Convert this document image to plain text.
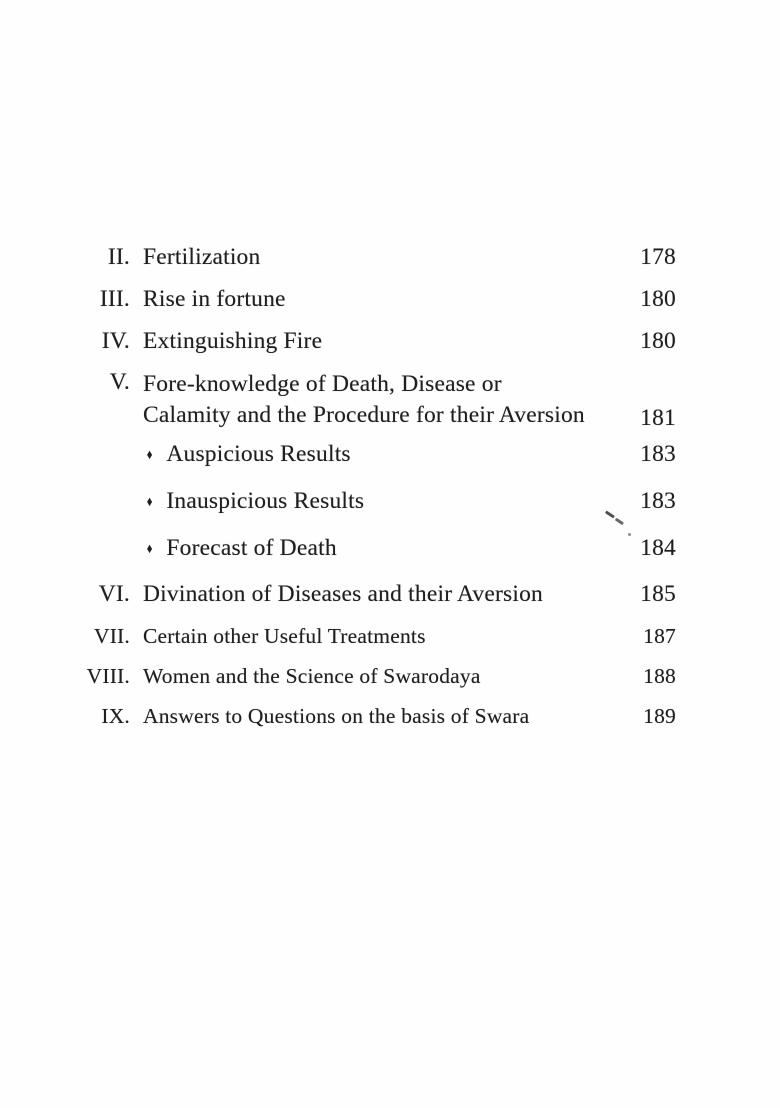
II. Fertilization	178
III. Rise in fortune	180
IV. Extinguishing Fire	180
V. Fore-knowledge of Death, Disease or
Calamity and the Procedure for their Aversion	181
♦ Auspicious Results	183
♦ Inauspicious Results	183
♦ Forecast of Death	184
VI. Divination of Diseases and their Aversion	185
VII. Certain other Useful Treatments	187
VIII. Women and the Science of Swarodaya	188
IX. Answers to Questions on the basis of Swara	189
